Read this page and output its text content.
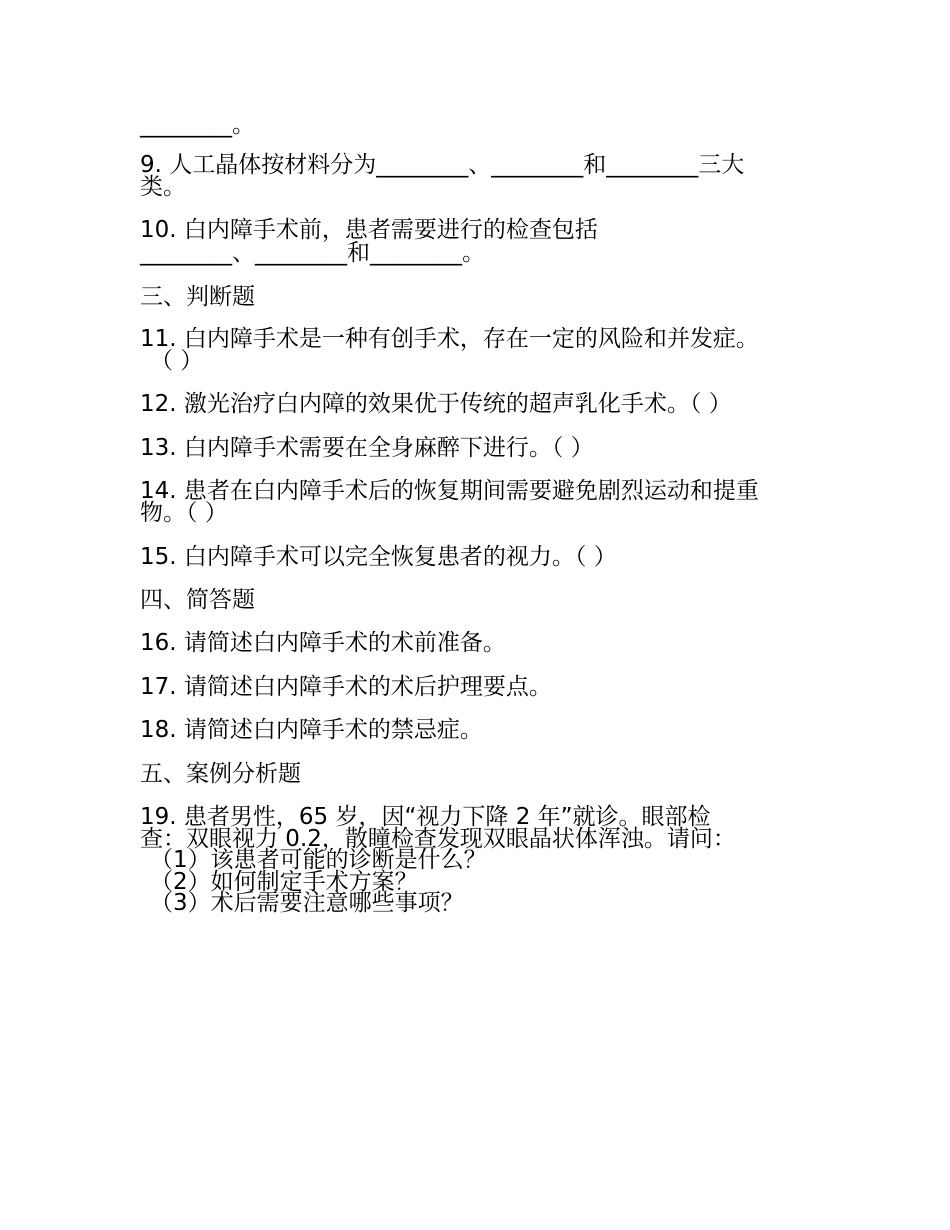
________。
9. 人工晶体按材料分为________、________和________三大
类。
10. 白内障手术前，患者需要进行的检查包括
________、________和________。
三、判断题
11. 白内障手术是一种有创手术，存在一定的风险和并发症。
（ ）
12. 激光治疗白内障的效果优于传统的超声乳化手术。（ ）
13. 白内障手术需要在全身麻醉下进行。（ ）
14. 患者在白内障手术后的恢复期间需要避免剧烈运动和提重
物。（ ）
15. 白内障手术可以完全恢复患者的视力。（ ）
四、简答题
16. 请简述白内障手术的术前准备。
17. 请简述白内障手术的术后护理要点。
18. 请简述白内障手术的禁忌症。
五、案例分析题
19. 患者男性，65 岁，因“视力下降 2 年”就诊。眼部检
查：双眼视力 0.2，散瞳检查发现双眼晶状体浑浊。请问：
（1）该患者可能的诊断是什么？
（2）如何制定手术方案？
（3）术后需要注意哪些事项？
